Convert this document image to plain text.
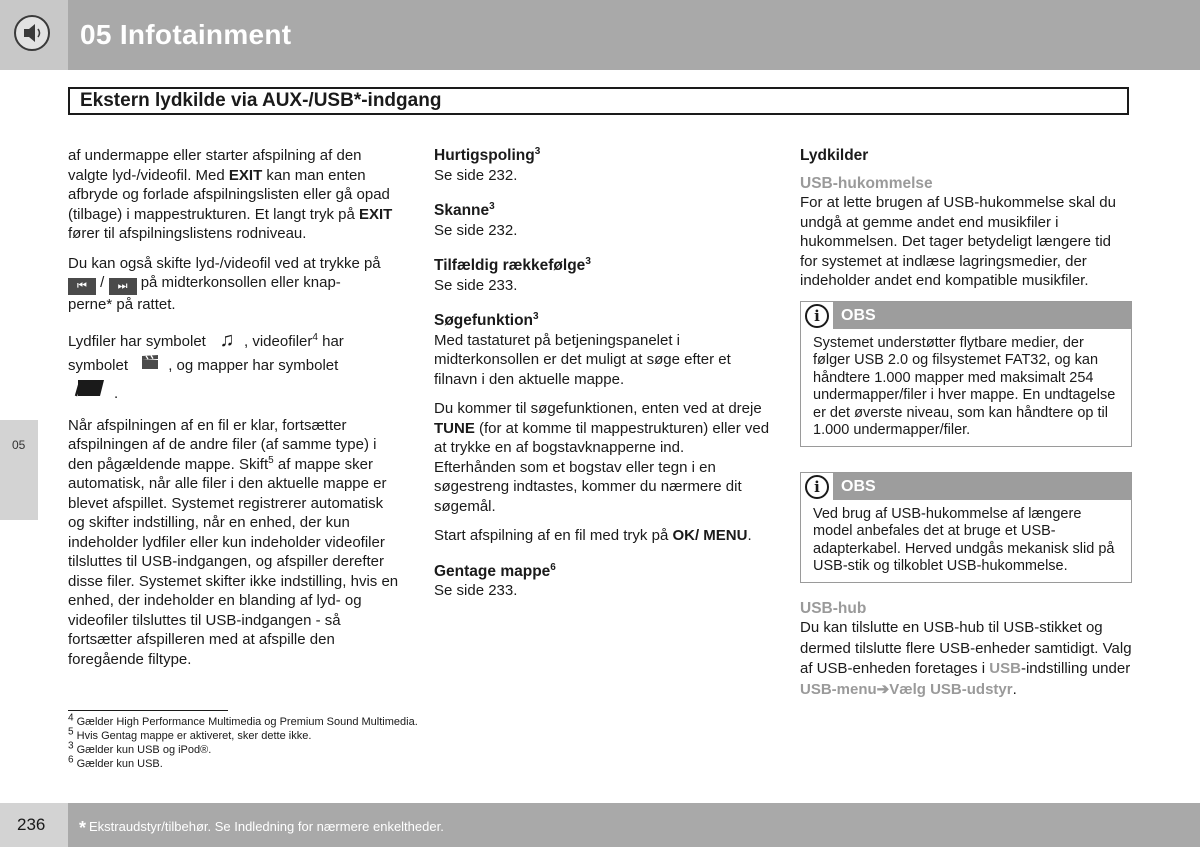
05 Infotainment
Ekstern lydkilde via AUX-/USB*-indgang
05

af undermappe eller starter afspilning af den valgte lyd-/videofil. Med EXIT kan man enten afbryde og forlade afspilningslisten eller gå opad (tilbage) i mappestrukturen. Et langt tryk på EXIT fører til afspilningslistens rodniveau.

Du kan også skifte lyd-/videofil ved at trykke på
⏮ / ⏭ på midterkonsollen eller knap-
perne* på rattet.

Lydfiler har symbolet ♫ , videofiler$^4$ har
symbolet	, og mapper har symbolet
.

Når afspilningen af en fil er klar, fortsætter afspilningen af de andre filer (af samme type) i den pågældende mappe. Skift$^5$ af mappe sker automatisk, når alle filer i den aktuelle mappe er blevet afspillet. Systemet registrerer automatisk og skifter indstilling, når en enhed, der kun indeholder lydfiler eller kun indeholder videofiler tilsluttes til USB-indgangen, og afspiller derefter disse filer. Systemet skifter ikke indstilling, hvis en enhed, der indeholder en blanding af lyd- og videofiler tilsluttes til USB-indgangen - så fortsætter afspilleren med at afspille den foregående filtype.

Hurtigspoling$^3$

Se side 232.

Skanne$^3$

Se side 232.

Tilfældig rækkefølge$^3$

Se side 233.

Søgefunktion$^3$

Med tastaturet på betjeningspanelet i midterkonsollen er det muligt at søge efter et filnavn i den aktuelle mappe.

Du kommer til søgefunktionen, enten ved at dreje TUNE (for at komme til mappestrukturen) eller ved at trykke en af bogstavknapperne ind. Efterhånden som et bogstav eller tegn i en søgestreng indtastes, kommer du nærmere dit søgemål.

Start afspilning af en fil med tryk på OK/ MENU.

Gentage mappe$^6$

Se side 233.

Lydkilder
USB-hukommelse

For at lette brugen af USB-hukommelse skal du undgå at gemme andet end musikfiler i hukommelsen. Det tager betydeligt længere tid for systemet at indlæse lagringsmedier, der indeholder andet end kompatible musikfiler.

i	OBS
Systemet understøtter flytbare medier, der følger USB 2.0 og filsystemet FAT32, og kan håndtere 1.000 mapper med maksimalt 254 undermapper/filer i hver mappe. En undtagelse er det øverste niveau, som kan håndtere op til 1.000 undermapper/filer.
i	OBS
Ved brug af USB-hukommelse af længere model anbefales det at bruge et USB-adapterkabel. Herved undgås mekanisk slid på USB-stik og tilkoblet USB-hukommelse.
USB-hub

Du kan tilslutte en USB-hub til USB-stikket og dermed tilslutte flere USB-enheder samtidigt. Valg af USB-enheden foretages i USB-indstilling under USB-menu➔Vælg USB-udstyr.

$^4$ Gælder High Performance Multimedia og Premium Sound Multimedia.
$^5$ Hvis Gentag mappe er aktiveret, sker dette ikke.
$^3$ Gælder kun USB og iPod®.
$^6$ Gælder kun USB.
236 * Ekstraudstyr/tilbehør. Se Indledning for nærmere enkeltheder.
